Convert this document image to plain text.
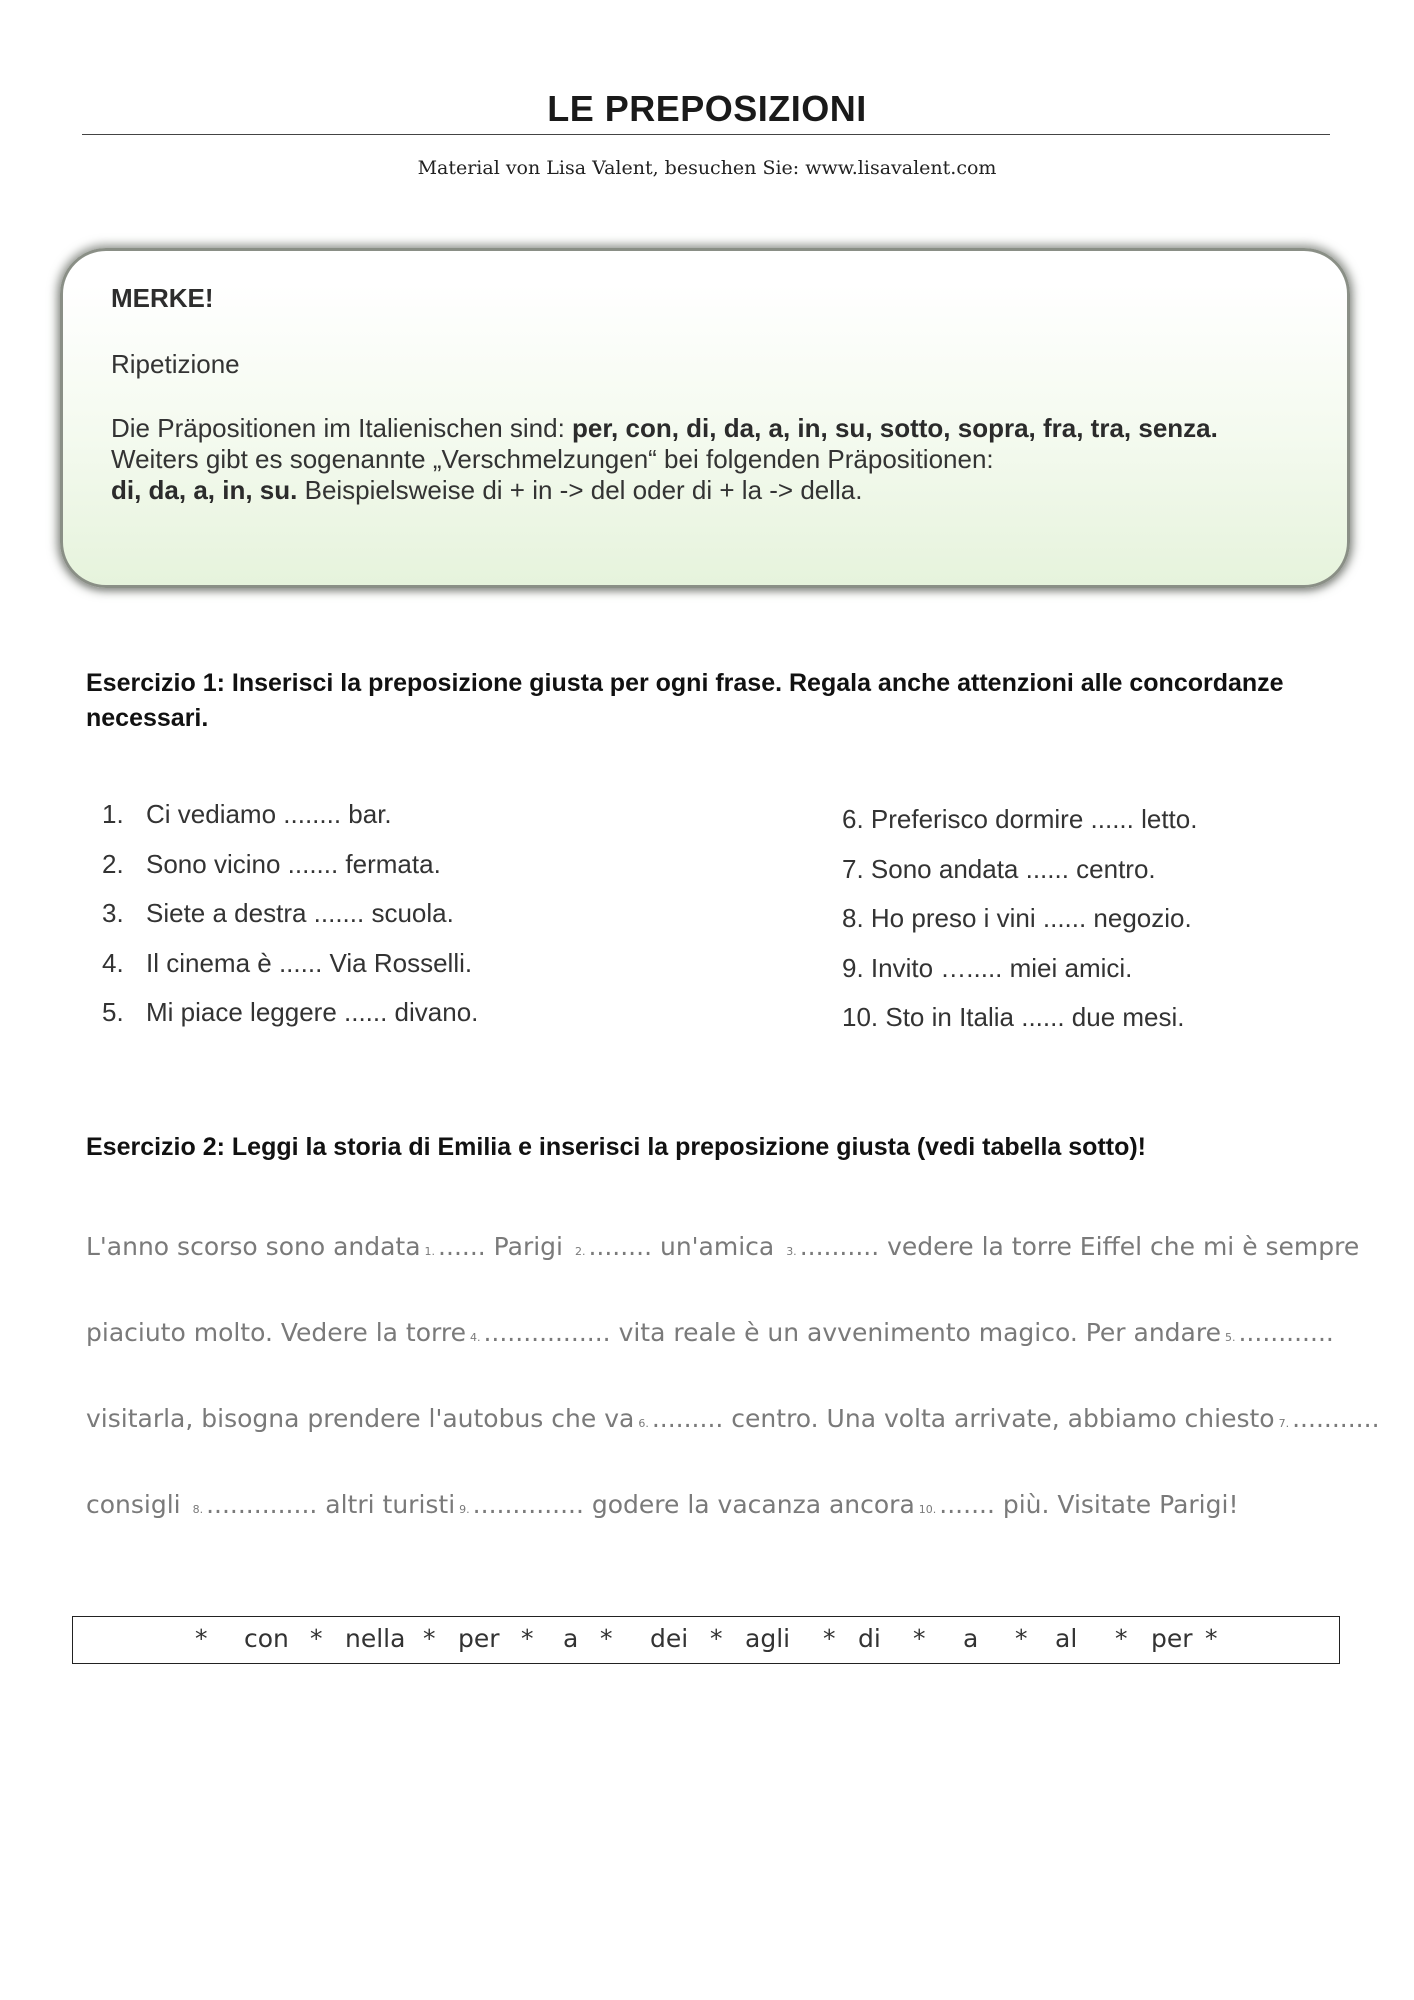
LE PREPOSIZIONI
Material von Lisa Valent, besuchen Sie: www.lisavalent.com
MERKE!
Ripetizione
Die Präpositionen im Italienischen sind: per, con, di, da, a, in, su, sotto, sopra, fra, tra, senza.
Weiters gibt es sogenannte „Verschmelzungen“ bei folgenden Präpositionen:
di, da, a, in, su. Beispielsweise di + in -> del oder di + la -> della.
Esercizio 1: Inserisci la preposizione giusta per ogni frase. Regala anche attenzioni alle concordanze necessari.
1. Ci vediamo ........ bar.
2. Sono vicino ....... fermata.
3. Siete a destra ....... scuola.
4. Il cinema è ...... Via Rosselli.
5. Mi piace leggere ...... divano.
6. Preferisco dormire ...... letto.
7. Sono andata ...... centro.
8. Ho preso i vini ...... negozio.
9. Invito …..... miei amici.
10. Sto in Italia ...... due mesi.
Esercizio 2: Leggi la storia di Emilia e inserisci la preposizione giusta (vedi tabella sotto)!
L'anno scorso sono andata 1. ...... Parigi 2. ........ un'amica 3. .......... vedere la torre Eiffel che mi è sempre
piaciuto molto. Vedere la torre 4. ................ vita reale è un avvenimento magico. Per andare 5. ............
visitarla, bisogna prendere l'autobus che va 6. ......... centro. Una volta arrivate, abbiamo chiesto 7. ...........
consigli 8. .............. altri turisti 9. .............. godere la vacanza ancora 10. ....... più. Visitate Parigi!
* con * nella * per * a * dei * agli * di * a * al * per *
